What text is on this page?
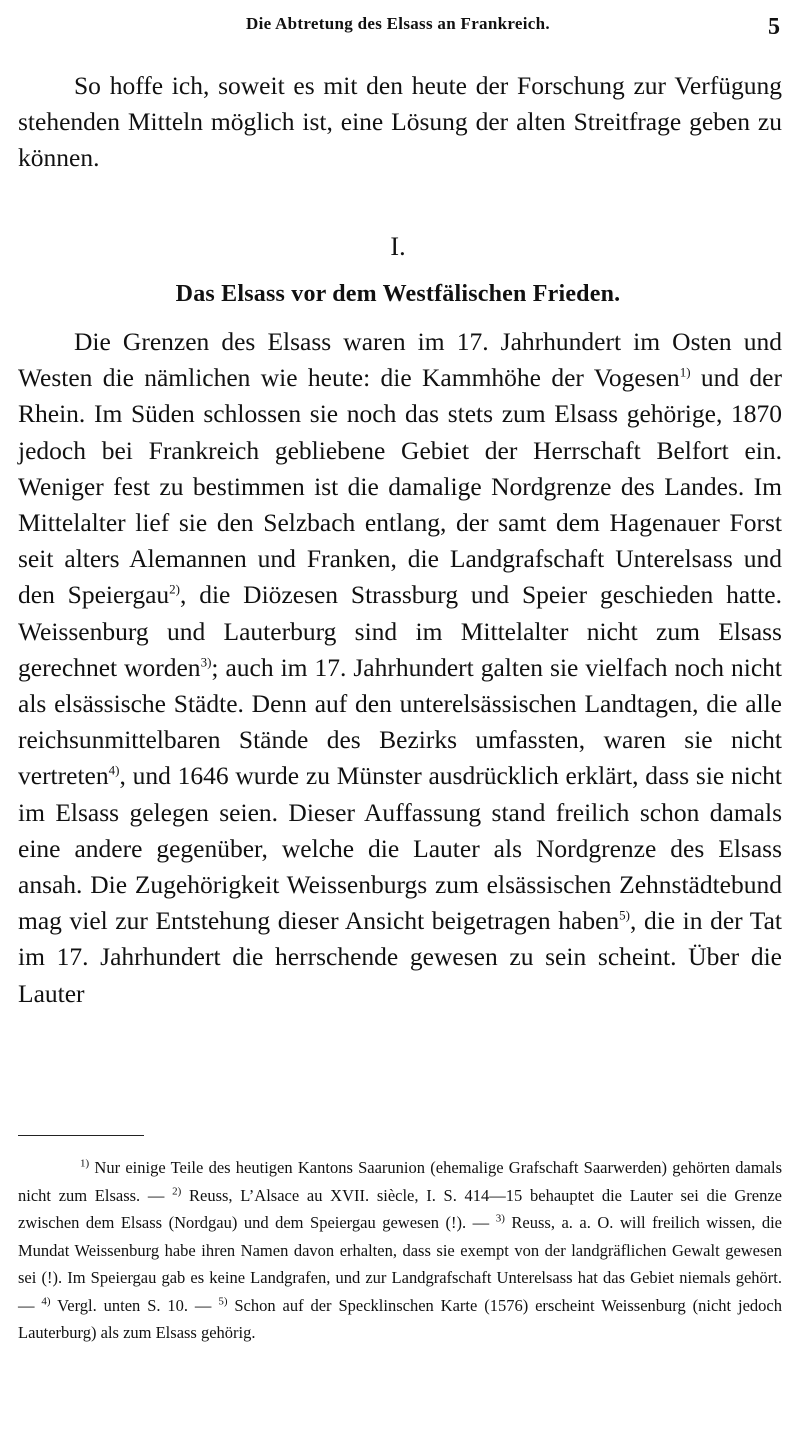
Die Abtretung des Elsass an Frankreich.	5

So hoffe ich, soweit es mit den heute der Forschung zur Verfügung stehenden Mitteln möglich ist, eine Lösung der alten Streitfrage geben zu können.

I.
Das Elsass vor dem Westfälischen Frieden.

Die Grenzen des Elsass waren im 17. Jahrhundert im Osten und Westen die nämlichen wie heute: die Kammhöhe der Vogesen$^{1)}$ und der Rhein. Im Süden schlossen sie noch das stets zum Elsass gehörige, 1870 jedoch bei Frankreich gebliebene Gebiet der Herrschaft Belfort ein. Weniger fest zu bestimmen ist die damalige Nordgrenze des Landes. Im Mittelalter lief sie den Selzbach entlang, der samt dem Hagenauer Forst seit alters Alemannen und Franken, die Landgrafschaft Unterelsass und den Speiergau$^{2)}$, die Diözesen Strassburg und Speier geschieden hatte. Weissenburg und Lauterburg sind im Mittelalter nicht zum Elsass gerechnet worden$^{3)}$; auch im 17. Jahrhundert galten sie vielfach noch nicht als elsässische Städte. Denn auf den unterelsässischen Landtagen, die alle reichsunmittelbaren Stände des Bezirks umfassten, waren sie nicht vertreten$^{4)}$, und 1646 wurde zu Münster ausdrücklich erklärt, dass sie nicht im Elsass gelegen seien. Dieser Auffassung stand freilich schon damals eine andere gegenüber, welche die Lauter als Nordgrenze des Elsass ansah. Die Zugehörigkeit Weissenburgs zum elsässischen Zehnstädtebund mag viel zur Entstehung dieser Ansicht beigetragen haben$^{5)}$, die in der Tat im 17. Jahrhundert die herrschende gewesen zu sein scheint. Über die Lauter

$^{1)}$ Nur einige Teile des heutigen Kantons Saarunion (ehemalige Grafschaft Saarwerden) gehörten damals nicht zum Elsass. — $^{2)}$ Reuss, L’Alsace au XVII. siècle, I. S. 414—15 behauptet die Lauter sei die Grenze zwischen dem Elsass (Nordgau) und dem Speiergau gewesen (!). — $^{3)}$ Reuss, a. a. O. will freilich wissen, die Mundat Weissenburg habe ihren Namen davon erhalten, dass sie exempt von der landgräflichen Gewalt gewesen sei (!). Im Speiergau gab es keine Landgrafen, und zur Landgrafschaft Unterelsass hat das Gebiet niemals gehört. — $^{4)}$ Vergl. unten S. 10. — $^{5)}$ Schon auf der Specklinschen Karte (1576) erscheint Weissenburg (nicht jedoch Lauterburg) als zum Elsass gehörig.
